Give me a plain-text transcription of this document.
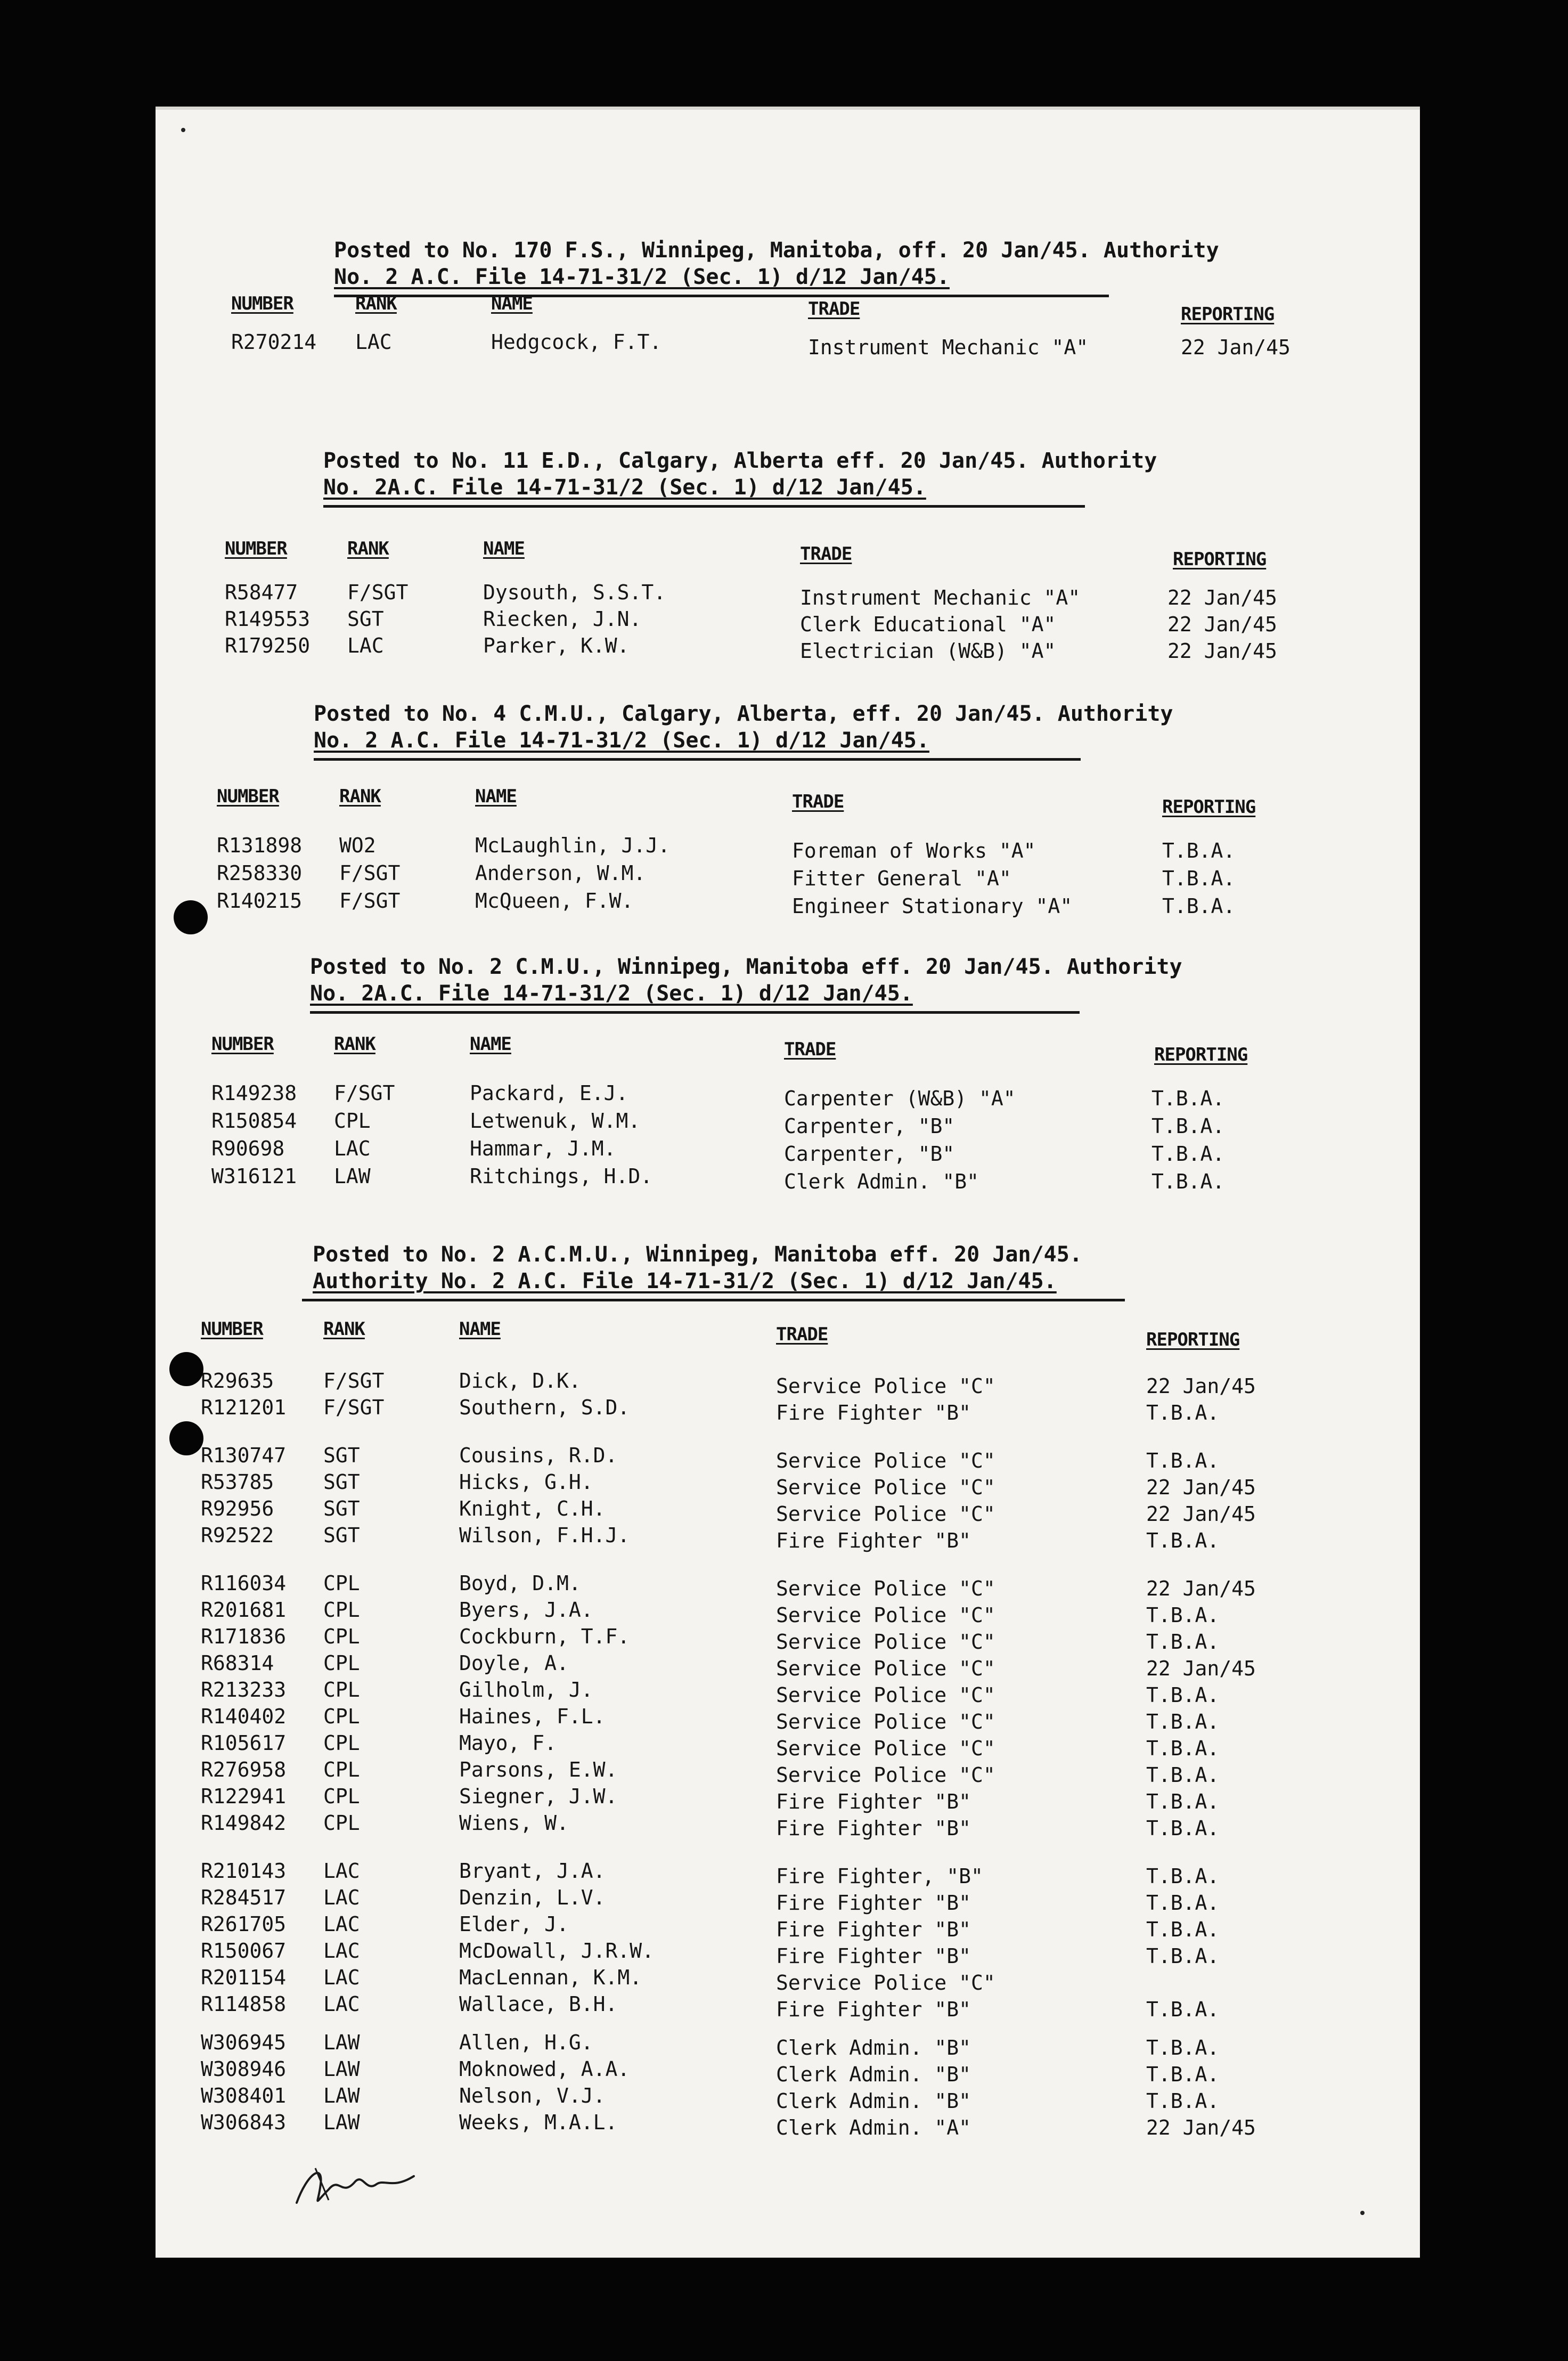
Posted to No. 170 F.S., Winnipeg, Manitoba, off. 20 Jan/45. Authority
No. 2 A.C. File 14-71-31/2 (Sec. 1) d/12 Jan/45.
NUMBER	RANK	NAME	TRADE	REPORTING
R270214 LAC	Hedgcock, F.T.	Instrument Mechanic "A"	22 Jan/45
Posted to No. 11 E.D., Calgary, Alberta eff. 20 Jan/45. Authority
No. 2A.C. File 14-71-31/2 (Sec. 1) d/12 Jan/45.
NUMBER	RANK	NAME	TRADE	REPORTING
R58477 F/SGT	Dysouth, S.S.T.	Instrument Mechanic "A"	22 Jan/45
R149553 SGT	Riecken, J.N.	Clerk Educational "A"	22 Jan/45
R179250 LAC	Parker, K.W.	Electrician (W&B) "A"	22 Jan/45
Posted to No. 4 C.M.U., Calgary, Alberta, eff. 20 Jan/45. Authority
No. 2 A.C. File 14-71-31/2 (Sec. 1) d/12 Jan/45.
NUMBER	RANK	NAME	TRADE	REPORTING
R131898 WO2	McLaughlin, J.J.	Foreman of Works "A"	T.B.A.
R258330 F/SGT	Anderson, W.M.	Fitter General "A"	T.B.A.
R140215 F/SGT	McQueen, F.W.	Engineer Stationary "A"	T.B.A.
Posted to No. 2 C.M.U., Winnipeg, Manitoba eff. 20 Jan/45. Authority
No. 2A.C. File 14-71-31/2 (Sec. 1) d/12 Jan/45.
NUMBER	RANK	NAME	TRADE	REPORTING
R149238 F/SGT	Packard, E.J.	Carpenter (W&B) "A"	T.B.A.
R150854 CPL	Letwenuk, W.M.	Carpenter, "B"	T.B.A.
R90698 LAC	Hammar, J.M.	Carpenter, "B"	T.B.A.
W316121 LAW	Ritchings, H.D.	Clerk Admin. "B"	T.B.A.
Posted to No. 2 A.C.M.U., Winnipeg, Manitoba eff. 20 Jan/45.
Authority No. 2 A.C. File 14-71-31/2 (Sec. 1) d/12 Jan/45.
NUMBER	RANK	NAME	TRADE	REPORTING
R29635 F/SGT	Dick, D.K.	Service Police "C"	22 Jan/45
R121201 F/SGT	Southern, S.D.	Fire Fighter "B"	T.B.A.
R130747 SGT	Cousins, R.D.	Service Police "C"	T.B.A.
R53785 SGT	Hicks, G.H.	Service Police "C"	22 Jan/45
R92956 SGT	Knight, C.H.	Service Police "C"	22 Jan/45
R92522 SGT	Wilson, F.H.J.	Fire Fighter "B"	T.B.A.
R116034 CPL	Boyd, D.M.	Service Police "C"	22 Jan/45
R201681 CPL	Byers, J.A.	Service Police "C"	T.B.A.
R171836 CPL	Cockburn, T.F.	Service Police "C"	T.B.A.
R68314 CPL	Doyle, A.	Service Police "C"	22 Jan/45
R213233 CPL	Gilholm, J.	Service Police "C"	T.B.A.
R140402 CPL	Haines, F.L.	Service Police "C"	T.B.A.
R105617 CPL	Mayo, F.	Service Police "C"	T.B.A.
R276958 CPL	Parsons, E.W.	Service Police "C"	T.B.A.
R122941 CPL	Siegner, J.W.	Fire Fighter "B"	T.B.A.
R149842 CPL	Wiens, W.	Fire Fighter "B"	T.B.A.
R210143 LAC	Bryant, J.A.	Fire Fighter, "B"	T.B.A.
R284517 LAC	Denzin, L.V.	Fire Fighter "B"	T.B.A.
R261705 LAC	Elder, J.	Fire Fighter "B"	T.B.A.
R150067 LAC	McDowall, J.R.W.	Fire Fighter "B"	T.B.A.
R201154 LAC	MacLennan, K.M.	Service Police "C"
R114858 LAC	Wallace, B.H.	Fire Fighter "B"	T.B.A.
W306945 LAW	Allen, H.G.	Clerk Admin. "B"	T.B.A.
W308946 LAW	Moknowed, A.A.	Clerk Admin. "B"	T.B.A.
W308401 LAW	Nelson, V.J.	Clerk Admin. "B"	T.B.A.
W306843 LAW	Weeks, M.A.L.	Clerk Admin. "A"	22 Jan/45
